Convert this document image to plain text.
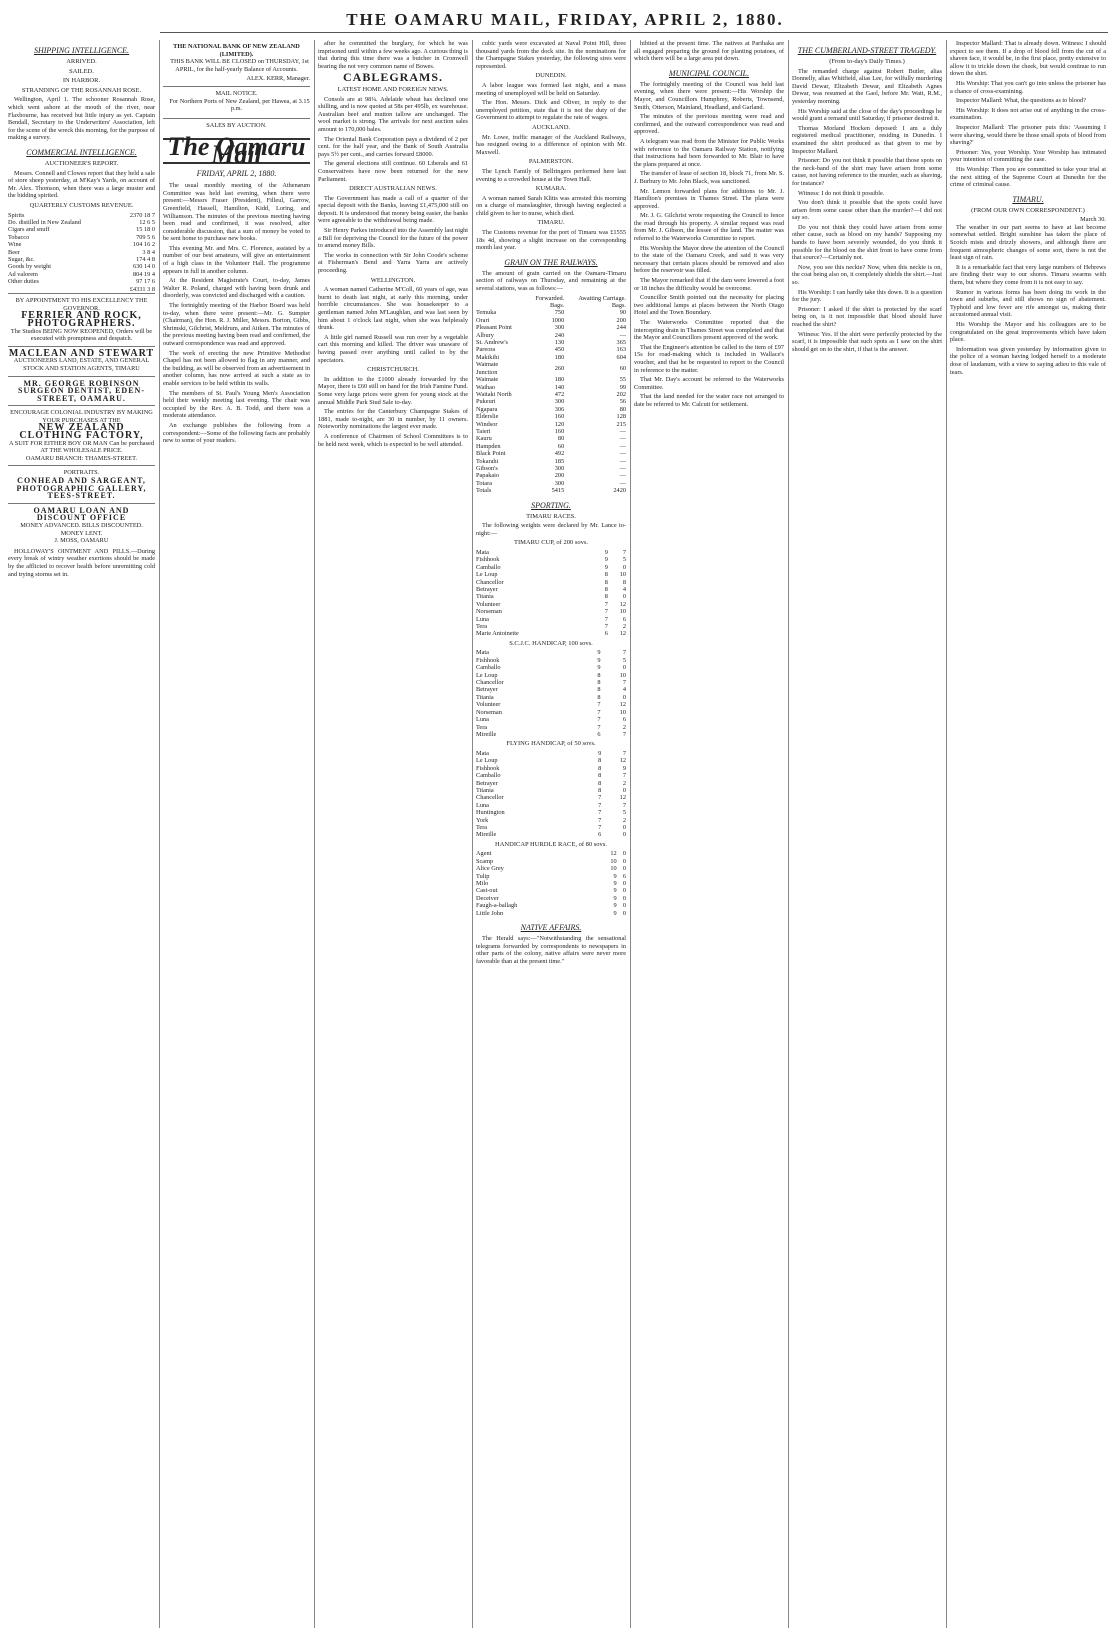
THE OAMARU MAIL, FRIDAY, APRIL 2, 1880.
SHIPPING INTELLIGENCE.
ARRIVED.
SAILED.
IN HARBOR.
STRANDING OF THE ROSANNAH ROSE.

Wellington, April 1. The schooner Rosannah Rose, which went ashore at the mouth of the river, near Flaxbourne, has received but little injury as yet. Captain Bendall, Secretary to the Underwriters' Association, left for the scene of the wreck this morning, for the purpose of making a survey.

COMMERCIAL INTELLIGENCE.
AUCTIONEER'S REPORT.

Messrs. Connell and Clowes report that they held a sale of store sheep yesterday, at M'Kay's Yards, on account of Mr. Alex. Thomson, when there was a large muster and the bidding spirited.

QUARTERLY CUSTOMS REVENUE.
Spirits	2370 18 7
Do. distilled in New Zealand	12 6 5
Cigars and snuff	15 18 0
Tobacco	709 5 6
Wine	104 16 2
Beer	3 8 4
Sugar, &c.	174 4 8
Goods by weight	630 14 0
Ad valorem	804 19 4
Other duties	97 17 6
£4331 3 8
BY APPOINTMENT TO HIS EXCELLENCY THE GOVERNOR.
FERRIER AND ROCK, PHOTOGRAPHERS.
The Studios BEING NOW REOPENED, Orders will be executed with promptness and despatch.
MACLEAN AND STEWART
AUCTIONEERS LAND, ESTATE, AND GENERAL STOCK AND STATION AGENTS, TIMARU
MR. GEORGE ROBINSON SURGEON DENTIST, EDEN-STREET, OAMARU.
ENCOURAGE COLONIAL INDUSTRY BY MAKING YOUR PURCHASES AT THE
NEW ZEALAND CLOTHING FACTORY,
A SUIT FOR EITHER BOY OR MAN Can be purchased AT THE WHOLESALE PRICE.
OAMARU BRANCH: THAMES-STREET.
PORTRAITS.
CONHEAD AND SARGEANT, PHOTOGRAPHIC GALLERY, TEES-STREET.
OAMARU LOAN AND DISCOUNT OFFICE
MONEY ADVANCED. BILLS DISCOUNTED. MONEY LENT.
J. MOSS, OAMARU

HOLLOWAY'S OINTMENT AND PILLS.—During every break of wintry weather exertions should be made by the afflicted to recover health before unremitting cold and trying storms set in.

THE NATIONAL BANK OF NEW ZEALAND (LIMITED).

THIS BANK WILL BE CLOSED on THURSDAY, 1st APRIL, for the half-yearly Balance of Accounts.

ALEX. KERR, Manager.
MAIL NOTICE.

For Northern Ports of New Zealand, per Hawea, at 3.15 p.m.

SALES BY AUCTION.
The Oamaru Mail
FRIDAY, APRIL 2, 1880.

The usual monthly meeting of the Athenæum Committee was held last evening, when there were present:—Messrs Fraser (President), Filleul, Garrow, Greenfield, Hassell, Hamilton, Kidd, Loring, and Williamson. The minutes of the previous meeting having been read and confirmed, it was resolved, after considerable discussion, that a sum of money be voted to be sent home to purchase new books.

This evening Mr. and Mrs. C. Florence, assisted by a number of our best amateurs, will give an entertainment of a high class in the Volunteer Hall. The programme appears in full in another column.

At the Resident Magistrate's Court, to-day, James Walter R. Poland, charged with having been drunk and disorderly, was convicted and discharged with a caution.

The fortnightly meeting of the Harbor Board was held to-day, when there were present:—Mr. G. Sumpter (Chairman), the Hon. R. J. Miller, Messrs. Borton, Gibbs, Shrimski, Gilchrist, Meldrum, and Aitken. The minutes of the previous meeting having been read and confirmed, the outward correspondence was read and approved.

The work of erecting the new Primitive Methodist Chapel has not been allowed to flag in any manner, and the building, as will be observed from an advertisement in another column, has now arrived at such a state as to enable services to be held within its walls.

The members of St. Paul's Young Men's Association held their weekly meeting last evening. The chair was occupied by the Rev. A. B. Todd, and there was a moderate attendance.

An exchange publishes the following from a correspondent:—Some of the following facts are probably new to some of your readers.

after he committed the burglary, for which he was imprisoned until within a few weeks ago. A curious thing is that during this time there was a butcher in Cromwell bearing the not very common name of Bowes.

CABLEGRAMS.
LATEST HOME AND FOREIGN NEWS.

Consols are at 98¼. Adelaide wheat has declined one shilling, and is now quoted at 58s per 495lb, ex warehouse. Australian beef and mutton tallow are unchanged. The wool market is strong. The arrivals for next auction sales amount to 170,000 bales.

The Oriental Bank Corporation pays a dividend of 2 per cent. for the half year, and the Bank of South Australia pays 5½ per cent., and carries forward £8000.

The general elections still continue. 60 Liberals and 61 Conservatives have now been returned for the new Parliament.

DIRECT AUSTRALIAN NEWS.

The Government has made a call of a quarter of the special deposit with the Banks, leaving £1,475,000 still on deposit. It is understood that money being easier, the banks were agreeable to the withdrawal being made.

Sir Henry Parkes introduced into the Assembly last night a Bill for depriving the Council for the future of the power to amend money Bills.

The works in connection with Sir John Coode's scheme at Fisherman's Bend and Yarra Yarra are actively proceeding.

WELLINGTON.

A woman named Catherine M'Coll, 60 years of age, was burnt to death last night, at early this morning, under horrible circumstances. She was housekeeper to a gentleman named John M'Laughlan, and was last seen by him about 1 o'clock last night, when she was helplessly drunk.

A little girl named Russell was run over by a vegetable cart this morning and killed. The driver was unaware of having passed over anything until called to by the spectators.

CHRISTCHURCH.

In addition to the £1000 already forwarded by the Mayor, there is £60 still on hand for the Irish Famine Fund. Some very large prices were given for young stock at the annual Middle Park Stud Sale to-day.

The entries for the Canterbury Champagne Stakes of 1881, made to-night, are 30 in number, by 11 owners. Noteworthy nominations the largest ever made.

A conference of Chairmen of School Committees is to be held next week, which is expected to be well attended.

cubic yards were excavated at Naval Point Hill, three thousand yards from the dock site. In the nominations for the Champagne Stakes yesterday, the following sires were represented.

DUNEDIN.

A labor league was formed last night, and a mass meeting of unemployed will be held on Saturday.

The Hon. Messrs. Dick and Oliver, in reply to the unemployed petition, state that it is not the duty of the Government to attempt to regulate the rate of wages.

AUCKLAND.

Mr. Lowe, traffic manager of the Auckland Railways, has resigned owing to a difference of opinion with Mr. Maxwell.

PALMERSTON.

The Lynch Family of Bellringers performed here last evening to a crowded house at the Town Hall.

KUMARA.

A woman named Sarah Klitts was arrested this morning on a charge of manslaughter, through having neglected a child given to her to nurse, which died.

TIMARU.

The Customs revenue for the port of Timaru was £1555 18s 4d, showing a slight increase on the corresponding month last year.

GRAIN ON THE RAILWAYS.

The amount of grain carried on the Oamaru-Timaru section of railways on Thursday, and remaining at the several stations, was as follows:—

	Forwarded. Bags.	Awaiting Carriage. Bags.
Temuka	750	90
Orari	1000	200
Pleasant Point	300	244
Albury	240	—
St. Andrew's	130	365
Pareora	450	163
Makikihi	180	604
Waimate Junction	260	60
Waimate	180	55
Waihao	140	99
Waitaki North	472	202
Pukeuri	300	56
Ngapara	306	80
Elderslie	160	128
Windsor	120	215
Taieri	160	—
Kauru	80	—
Hampden	60	—
Black Point	492	—
Tokarahi	185	—
Gibson's	300	—
Papakaio	200	—
Totara	300	—
Totals	5415	2420
SPORTING.
TIMARU RACES.

The following weights were declared by Mr. Lance to-night:—

TIMARU CUP, of 200 sovs.
Mata	9	7
Fishhook	9	5
Camballo	9	0
Le Loup	8	10
Chancellor	8	8
Betrayer	8	4
Titania	8	0
Volunteer	7	12
Norseman	7	10
Luna	7	6
Tera	7	2
Marie Antoinette	6	12
S.C.J.C. HANDICAP, 100 sovs.
Mata	9	7
Fishhook	9	5
Camballo	9	0
Le Loup	8	10
Chancellor	8	7
Betrayer	8	4
Titania	8	0
Volunteer	7	12
Norseman	7	10
Luna	7	6
Tera	7	2
Mireille	6	7
FLYING HANDICAP, of 50 sovs.
Mata	9	7
Le Loup	8	12
Fishhook	8	9
Camballo	8	7
Betrayer	8	2
Titania	8	0
Chancellor	7	12
Luna	7	7
Huntington	7	5
York	7	2
Tera	7	0
Mireille	6	0
HANDICAP HURDLE RACE, of 80 sovs.
Agent	12	0
Scamp	10	0
Alice Grey	10	0
Tulip	9	6
Milo	9	0
Cast-out	9	0
Deceiver	9	0
Faugh-a-ballagh	9	0
Little John	9	0
NATIVE AFFAIRS.

The Herald says:—"Notwithstanding the sensational telegrams forwarded by correspondents to newspapers in other parts of the colony, native affairs were never more favorable than at the present time."

hibited at the present time. The natives at Parihaka are all engaged preparing the ground for planting potatoes, of which there will be a large area put down.

MUNICIPAL COUNCIL.

The fortnightly meeting of the Council was held last evening, when there were present:—His Worship the Mayor, and Councillors Humphrey, Roberts, Townsend, Smith, Otterson, Mainland, Headland, and Garland.

The minutes of the previous meeting were read and confirmed, and the outward correspondence was read and approved.

A telegram was read from the Minister for Public Works with reference to the Oamaru Railway Station, notifying that instructions had been forwarded to Mr. Blair to have the plans prepared at once.

The transfer of lease of section 18, block 71, from Mr. S. J. Burbury to Mr. John Black, was sanctioned.

Mr. Lemon forwarded plans for additions to Mr. J. Hamilton's premises in Thames Street. The plans were approved.

Mr. J. G. Gilchrist wrote requesting the Council to fence the road through his property. A similar request was read from Mr. J. Gibson, the lessee of the land. The matter was referred to the Waterworks Committee to report.

His Worship the Mayor drew the attention of the Council to the state of the Oamaru Creek, and said it was very necessary that certain places should be removed and also before the reservoir was filled.

The Mayor remarked that if the dam were lowered a foot or 18 inches the difficulty would be overcome.

Councillor Smith pointed out the necessity for placing two additional lamps at places between the North Otago Hotel and the Town Boundary.

The Waterworks Committee reported that the intercepting drain in Thames Street was completed and that the Mayor and Councillors present approved of the work.

That the Engineer's attention be called to the item of £97 15s for road-making which is included in Wallace's voucher, and that he be requested to report to the Council in reference to the matter.

That Mr. Day's account be referred to the Waterworks Committee.

That the land needed for the water race not arranged to date be referred to Mr. Calcutt for settlement.

THE CUMBERLAND-STREET TRAGEDY.
(From to-day's Daily Times.)

The remanded charge against Robert Butler, alias Donnelly, alias Whitfield, alias Lee, for wilfully murdering David Dewar, Elizabeth Dewar, and Elizabeth Agnes Dewar, was resumed at the Gaol, before Mr. Watt, R.M., yesterday morning.

His Worship said at the close of the day's proceedings he would grant a remand until Saturday, if prisoner desired it.

Thomas Morland Hocken deposed: I am a duly registered medical practitioner, residing in Dunedin. I examined the shirt produced as that given to me by Inspector Mallard.

Prisoner: Do you not think it possible that those spots on the neck-band of the shirt may have arisen from some cause, not having reference to the murder, such as shaving, for instance?

Witness: I do not think it possible.

You don't think it possible that the spots could have arisen from some cause other than the murder?—I did not say so.

Do you not think they could have arisen from some other cause, such as blood on my hands? Supposing my hands to have been severely wounded, do you think it possible for the blood on the shirt front to have come from that source?—Certainly not.

Now, you see this neckie? Now, when this neckie is on, the coat being also on, it completely shields the shirt.—Just so.

His Worship: I can hardly take this down. It is a question for the jury.

Prisoner: I asked if the shirt is protected by the scarf being on, is it not impossible that blood should have reached the shirt?

Witness: Yes. If the shirt were perfectly protected by the scarf, it is impossible that such spots as I saw on the shirt should get on to the shirt, if that is the answer.

Inspector Mallard: That is already down. Witness: I should expect to see them. If a drop of blood fell from the cut of a shaven face, it would be, in the first place, pretty extensive to allow it to trickle down the cheek, but would continue to run down the shirt.

His Worship: That you can't go into unless the prisoner has a chance of cross-examining.

Inspector Mallard: What, the questions as to blood?

His Worship: It does not arise out of anything in the cross-examination.

Inspector Mallard: The prisoner puts this: 'Assuming I were shaving, would there be those small spots of blood from shaving?'

Prisoner: Yes, your Worship. Your Worship has intimated your intention of committing the case.

His Worship: Then you are committed to take your trial at the next sitting of the Supreme Court at Dunedin for the crime of criminal cause.

TIMARU.
(FROM OUR OWN CORRESPONDENT.)
March 30.

The weather in our part seems to have at last become somewhat settled. Bright sunshine has taken the place of Scotch mists and drizzly showers, and although there are frequent atmospheric changes of some sort, there is not the least sign of rain.

It is a remarkable fact that very large numbers of Hebrews are finding their way to our shores. Timaru swarms with them, but where they come from it is not easy to say.

Rumor in various forms has been doing its work in the town and suburbs, and still shows no sign of abatement. Typhoid and low fever are rife amongst us, making their accustomed annual visit.

His Worship the Mayor and his colleagues are to be congratulated on the great improvements which have taken place.

Information was given yesterday by information given to the police of a woman having lodged herself to a moderate dose of laudanum, with a view to saying adieu to this vale of tears.
